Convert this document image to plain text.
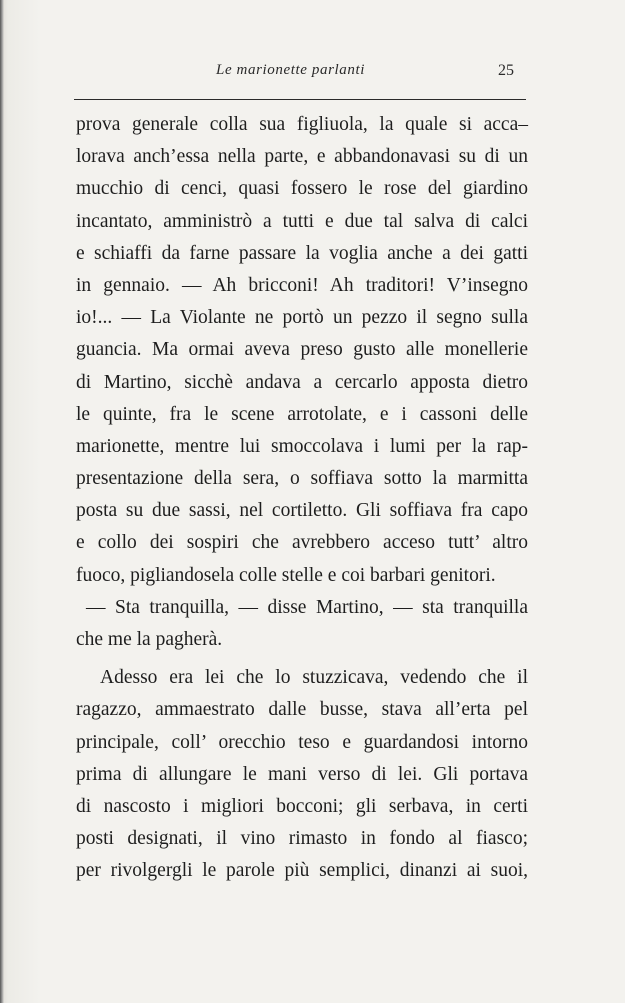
Le marionette parlanti	25
prova generale colla sua figliuola, la quale si acca–
lorava anch’essa nella parte, e abbandonavasi su di un
mucchio di cenci, quasi fossero le rose del giardino
incantato, amministrò a tutti e due tal salva di calci
e schiaffi da farne passare la voglia anche a dei gatti
in gennaio. — Ah bricconi! Ah traditori! V’insegno
io!... — La Violante ne portò un pezzo il segno sulla
guancia. Ma ormai aveva preso gusto alle monellerie
di Martino, sicchè andava a cercarlo apposta dietro
le quinte, fra le scene arrotolate, e i cassoni delle
marionette, mentre lui smoccolava i lumi per la rap-
presentazione della sera, o soffiava sotto la marmitta
posta su due sassi, nel cortiletto. Gli soffiava fra capo
e collo dei sospiri che avrebbero acceso tutt’ altro
fuoco, pigliandosela colle stelle e coi barbari genitori.
— Sta tranquilla, — disse Martino, — sta tranquilla
che me la pagherà.
Adesso era lei che lo stuzzicava, vedendo che il
ragazzo, ammaestrato dalle busse, stava all’erta pel
principale, coll’ orecchio teso e guardandosi intorno
prima di allungare le mani verso di lei. Gli portava
di nascosto i migliori bocconi; gli serbava, in certi
posti designati, il vino rimasto in fondo al fiasco;
per rivolgergli le parole più semplici, dinanzi ai suoi,
